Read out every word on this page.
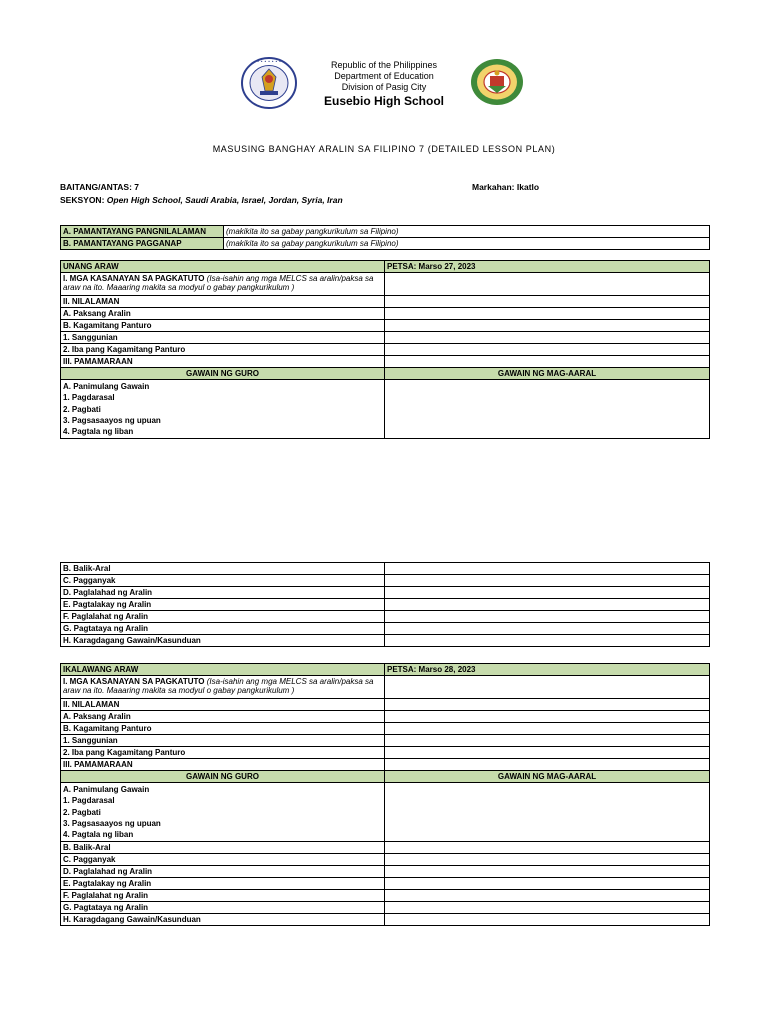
• • • • • • •	Republic of the Philippines
Department of Education
Division of Pasig City
Eusebio High School
MASUSING BANGHAY ARALIN SA FILIPINO 7 (DETAILED LESSON PLAN)
BAITANG/ANTAS: 7	Markahan: Ikatlo
SEKSYON: Open High School, Saudi Arabia, Israel, Jordan, Syria, Iran
A. PAMANTAYANG PANGNILALAMAN	(makikita ito sa gabay pangkurikulum sa Filipino)
B. PAMANTAYANG PAGGANAP	(makikita ito sa gabay pangkurikulum sa Filipino)
UNANG ARAW	PETSA: Marso 27, 2023
I. MGA KASANAYAN SA PAGKATUTO (Isa-isahin ang mga MELCS sa aralin/paksa sa araw na ito. Maaaring makita sa modyul o gabay pangkurikulum )	
II. NILALAMAN	
A. Paksang Aralin	
B. Kagamitang Panturo	
1. Sanggunian	
2. Iba pang Kagamitang Panturo	
III. PAMAMARAAN	
GAWAIN NG GURO	GAWAIN NG MAG-AARAL

A. Panimulang Gawain
1. Pagdarasal
2. Pagbati
3. Pagsasaayos ng upuan
4. Pagtala ng liban	

B. Balik-Aral	
C. Pagganyak	
D. Paglalahad ng Aralin	
E. Pagtalakay ng Aralin	
F. Paglalahat ng Aralin	
G. Pagtataya ng Aralin	
H. Karagdagang Gawain/Kasunduan	
IKALAWANG ARAW	PETSA: Marso 28, 2023
I. MGA KASANAYAN SA PAGKATUTO (Isa-isahin ang mga MELCS sa aralin/paksa sa araw na ito. Maaaring makita sa modyul o gabay pangkurikulum )	
II. NILALAMAN	
A. Paksang Aralin	
B. Kagamitang Panturo	
1. Sanggunian	
2. Iba pang Kagamitang Panturo	
III. PAMAMARAAN	
GAWAIN NG GURO	GAWAIN NG MAG-AARAL

A. Panimulang Gawain
1. Pagdarasal
2. Pagbati
3. Pagsasaayos ng upuan
4. Pagtala ng liban	

B. Balik-Aral	
C. Pagganyak	
D. Paglalahad ng Aralin	
E. Pagtalakay ng Aralin	
F. Paglalahat ng Aralin	
G. Pagtataya ng Aralin	
H. Karagdagang Gawain/Kasunduan	
